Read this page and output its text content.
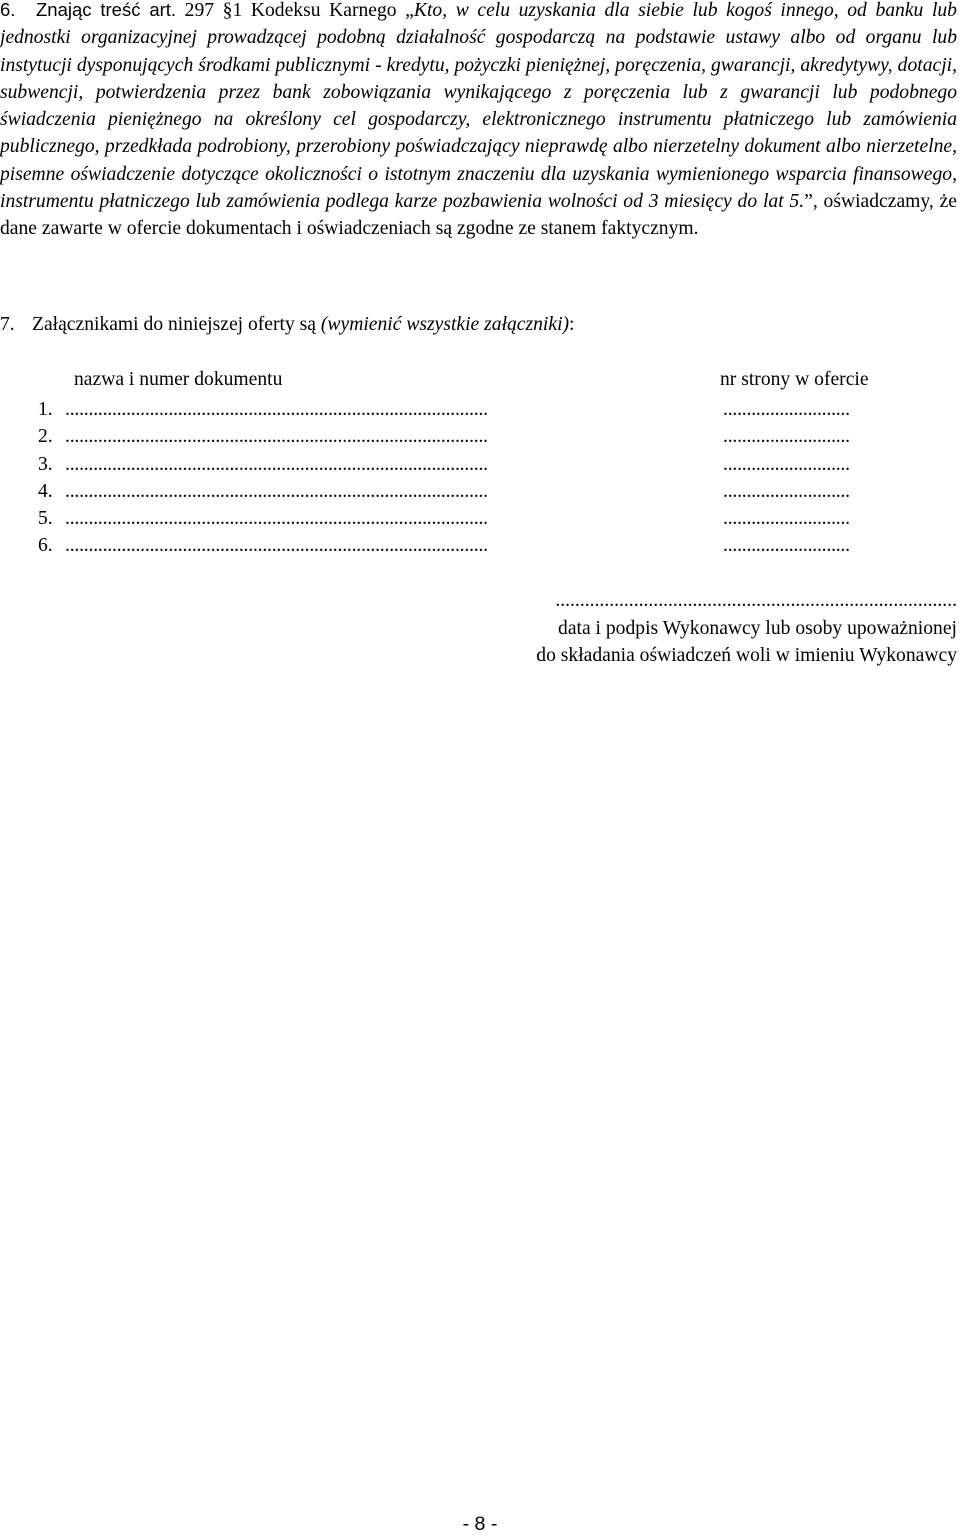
6. Znając treść art. 297 §1 Kodeksu Karnego „Kto, w celu uzyskania dla siebie lub kogoś innego, od banku lub jednostki organizacyjnej prowadzącej podobną działalność gospodarczą na podstawie ustawy albo od organu lub instytucji dysponujących środkami publicznymi - kredytu, pożyczki pieniężnej, poręczenia, gwarancji, akredytywy, dotacji, subwencji, potwierdzenia przez bank zobowiązania wynikającego z poręczenia lub z gwarancji lub podobnego świadczenia pieniężnego na określony cel gospodarczy, elektronicznego instrumentu płatniczego lub zamówienia publicznego, przedkłada podrobiony, przerobiony poświadczający nieprawdę albo nierzetelny dokument albo nierzetelne, pisemne oświadczenie dotyczące okoliczności o istotnym znaczeniu dla uzyskania wymienionego wsparcia finansowego, instrumentu płatniczego lub zamówienia podlega karze pozbawienia wolności od 3 miesięcy do lat 5.”, oświadczamy, że dane zawarte w ofercie dokumentach i oświadczeniach są zgodne ze stanem faktycznym.
7. Załącznikami do niniejszej oferty są (wymienić wszystkie załączniki):
nazwa i numer dokumentu	nr strony w ofercie
1. ..........................................................................................	...........................
2. ..........................................................................................	...........................
3. ..........................................................................................	...........................
4. ..........................................................................................	...........................
5. ..........................................................................................	...........................
6. ..........................................................................................	...........................
..................................................................................
data i podpis Wykonawcy lub osoby upoważnionej
do składania oświadczeń woli w imieniu Wykonawcy
- 8 -
